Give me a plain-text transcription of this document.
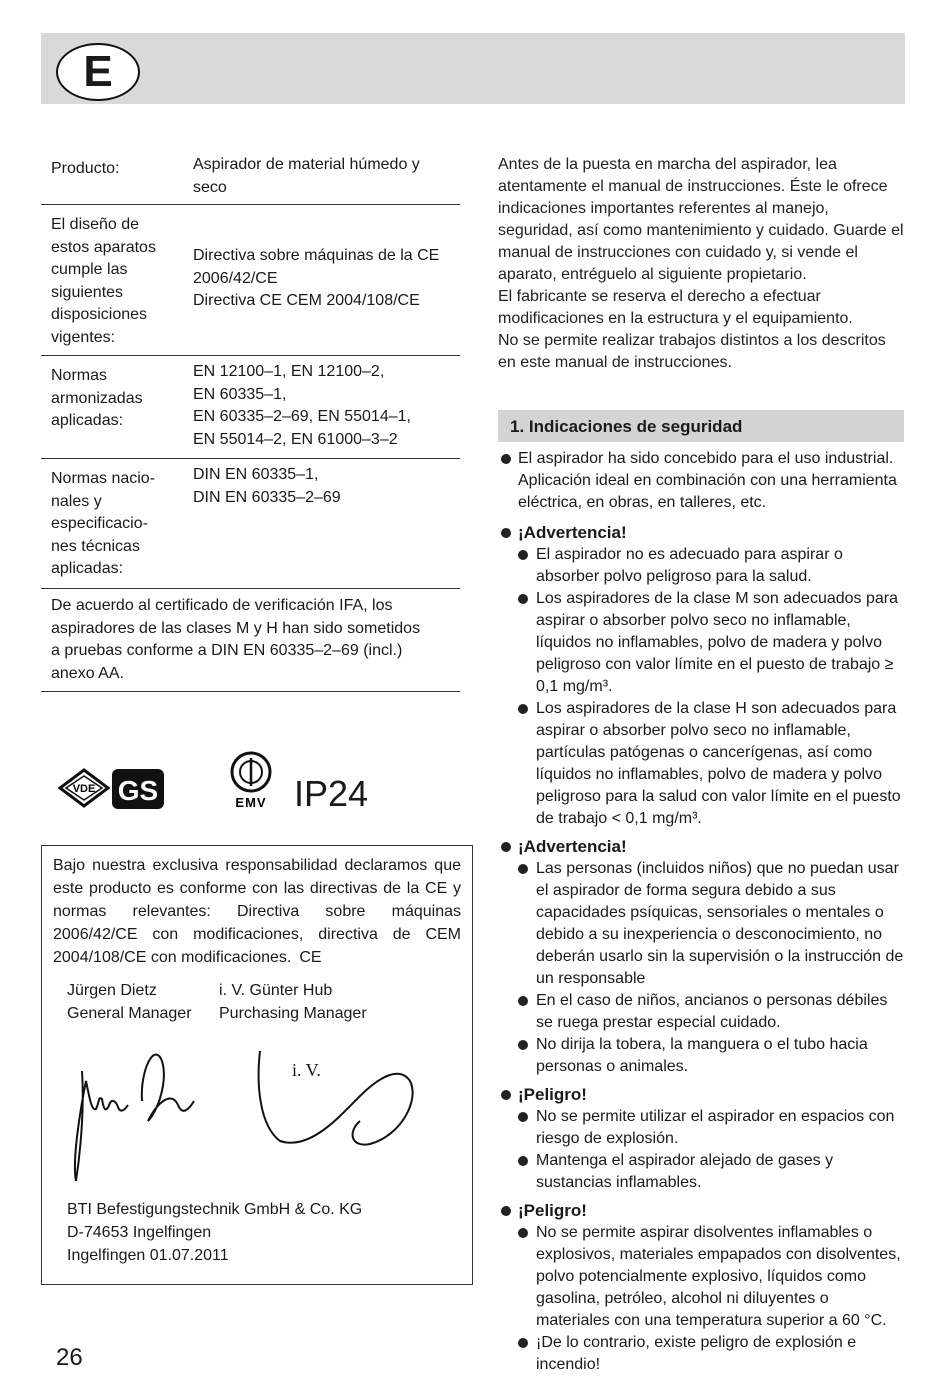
E
Producto:	Aspirador de material húmedo y
seco
El diseño de
estos aparatos
cumple las
siguientes
disposiciones
vigentes:
Directiva sobre máquinas de la CE
2006/42/CE
Directiva CE CEM 2004/108/CE
Normas
armonizadas
aplicadas:
EN 12100–1, EN 12100–2,
EN 60335–1,
EN 60335–2–69, EN 55014–1,
EN 55014–2, EN 61000–3–2
Normas nacio-
nales y
especificacio-
nes técnicas
aplicadas:
DIN EN 60335–1,
DIN EN 60335–2–69
De acuerdo al certificado de verificación IFA, los
aspiradores de las clases M y H han sido sometidos
a pruebas conforme a DIN EN 60335–2–69 (incl.)
anexo AA.
VDE GS	EMV IP24
Bajo nuestra exclusiva responsabilidad declaramos que este producto es conforme con las directivas de la CE y normas relevantes: Directiva sobre máquinas 2006/42/CE con modificaciones, directiva de CEM 2004/108/CE con modificaciones. CE
Jürgen Dietz
General Manager
i. V. Günter Hub
Purchasing Manager
i. V.
BTI Befestigungstechnik GmbH & Co. KG
D-74653 Ingelfingen
Ingelfingen 01.07.2011

Antes de la puesta en marcha del aspirador, lea atentamente el manual de instrucciones. Éste le ofrece indicaciones importantes referentes al manejo, seguridad, así como mantenimiento y cuidado. Guarde el manual de instrucciones con cuidado y, si vende el aparato, entréguelo al siguiente propietario.

El fabricante se reserva el derecho a efectuar modificaciones en la estructura y el equipamiento.

No se permite realizar trabajos distintos a los descritos en este manual de instrucciones.

1. Indicaciones de seguridad

El aspirador ha sido concebido para el uso industrial. Aplicación ideal en combinación con una herramienta eléctrica, en obras, en talleres, etc.

¡Advertencia!

El aspirador no es adecuado para aspirar o absorber polvo peligroso para la salud.

Los aspiradores de la clase M son adecuados para aspirar o absorber polvo seco no inflamable, líquidos no inflamables, polvo de madera y polvo peligroso con valor límite en el puesto de trabajo ≥ 0,1 mg/m³.

Los aspiradores de la clase H son adecuados para aspirar o absorber polvo seco no inflamable, partículas patógenas o cancerígenas, así como líquidos no inflamables, polvo de madera y polvo peligroso para la salud con valor límite en el puesto de trabajo < 0,1 mg/m³.

¡Advertencia!

Las personas (incluidos niños) que no puedan usar el aspirador de forma segura debido a sus capacidades psíquicas, sensoriales o mentales o debido a su inexperiencia o desconocimiento, no deberán usarlo sin la supervisión o la instrucción de un responsable

En el caso de niños, ancianos o personas débiles se ruega prestar especial cuidado.

No dirija la tobera, la manguera o el tubo hacia personas o animales.

¡Peligro!

No se permite utilizar el aspirador en espacios con riesgo de explosión.

Mantenga el aspirador alejado de gases y sustancias inflamables.

¡Peligro!

No se permite aspirar disolventes inflamables o explosivos, materiales empapados con disolventes, polvo potencialmente explosivo, líquidos como gasolina, petróleo, alcohol ni diluyentes o materiales con una temperatura superior a 60 °C.

¡De lo contrario, existe peligro de explosión e incendio!

26
